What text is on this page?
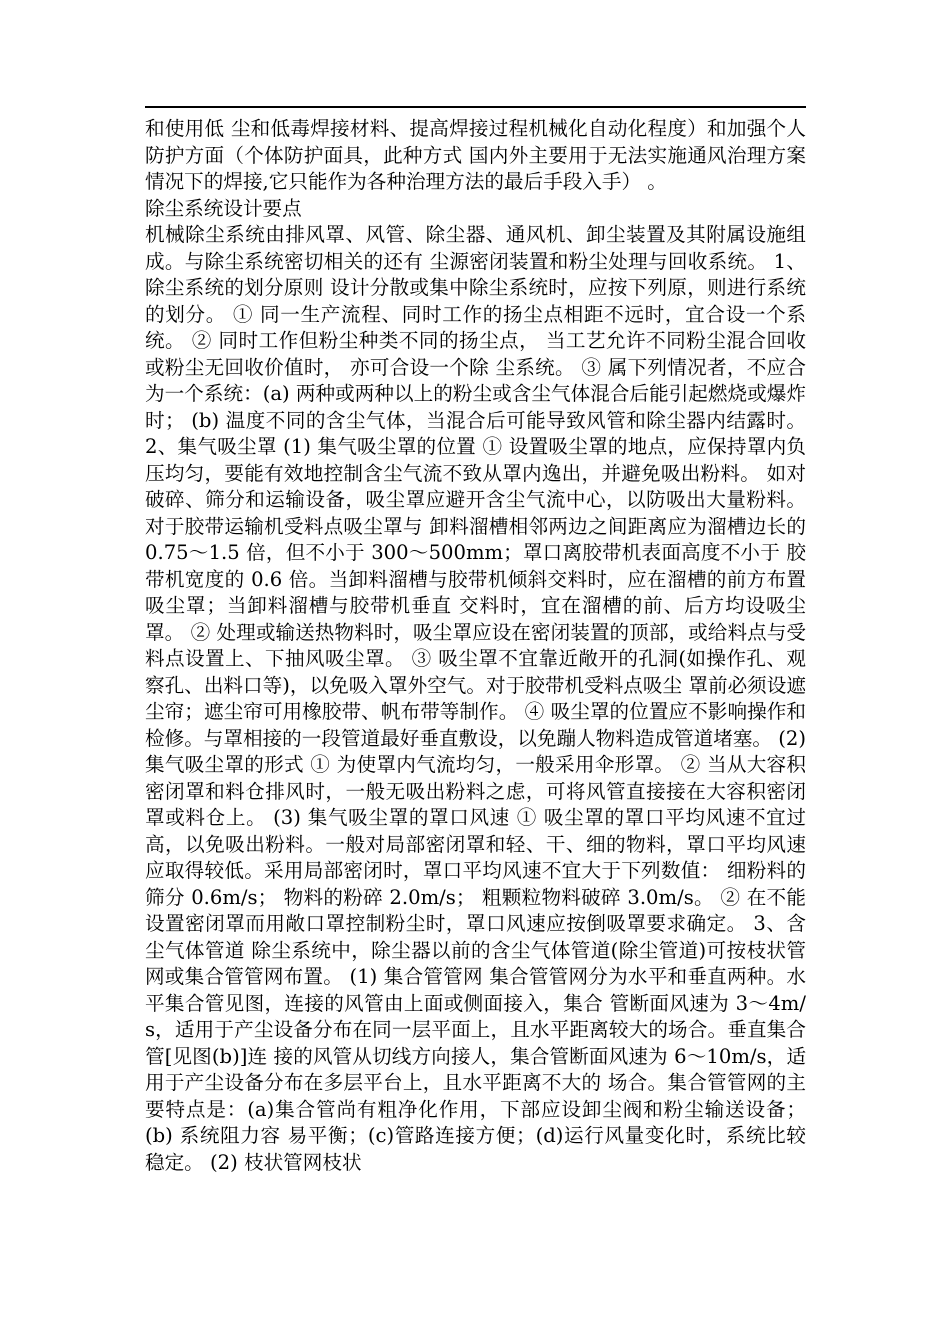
和使用低 尘和低毒焊接材料、提高焊接过程机械化自动化程度）和加强个人防护方面（个体防护面具，此种方式 国内外主要用于无法实施通风治理方案情况下的焊接,它只能作为各种治理方法的最后手段入手） 。

除尘系统设计要点

机械除尘系统由排风罩、风管、除尘器、通风机、卸尘装置及其附属设施组成。与除尘系统密切相关的还有 尘源密闭装置和粉尘处理与回收系统。 1、除尘系统的划分原则 设计分散或集中除尘系统时，应按下列原，则进行系统的划分。 ① 同一生产流程、同时工作的扬尘点相距不远时，宜合设一个系统。 ② 同时工作但粉尘种类不同的扬尘点， 当工艺允许不同粉尘混合回收或粉尘无回收价值时， 亦可合设一个除 尘系统。 ③ 属下列情况者，不应合为一个系统：(a) 两种或两种以上的粉尘或含尘气体混合后能引起燃烧或爆炸时； (b) 温度不同的含尘气体，当混合后可能导致风管和除尘器内结露时。 2、集气吸尘罩 (1) 集气吸尘罩的位置 ① 设置吸尘罩的地点，应保持罩内负压均匀，要能有效地控制含尘气流不致从罩内逸出，并避免吸出粉料。 如对破碎、筛分和运输设备，吸尘罩应避开含尘气流中心，以防吸出大量粉料。对于胶带运输机受料点吸尘罩与 卸料溜槽相邻两边之间距离应为溜槽边长的 0.75～1.5 倍，但不小于 300～500mm；罩口离胶带机表面高度不小于 胶带机宽度的 0.6 倍。当卸料溜槽与胶带机倾斜交料时，应在溜槽的前方布置吸尘罩；当卸料溜槽与胶带机垂直 交料时，宜在溜槽的前、后方均设吸尘罩。 ② 处理或输送热物料时，吸尘罩应设在密闭装置的顶部，或给料点与受料点设置上、下抽风吸尘罩。 ③ 吸尘罩不宜靠近敞开的孔洞(如操作孔、观察孔、出料口等)，以免吸入罩外空气。对于胶带机受料点吸尘 罩前必须设遮尘帘；遮尘帘可用橡胶带、帆布带等制作。 ④ 吸尘罩的位置应不影响操作和检修。与罩相接的一段管道最好垂直敷设，以免蹦人物料造成管道堵塞。 (2) 集气吸尘罩的形式 ① 为使罩内气流均匀，一般采用伞形罩。 ② 当从大容积密闭罩和料仓排风时，一般无吸出粉料之虑，可将风管直接接在大容积密闭罩或料仓上。 (3) 集气吸尘罩的罩口风速 ① 吸尘罩的罩口平均风速不宜过高，以免吸出粉料。一般对局部密闭罩和轻、干、细的物料，罩口平均风速 应取得较低。采用局部密闭时，罩口平均风速不宜大于下列数值： 细粉料的筛分 0.6m/s； 物料的粉碎 2.0m/s； 粗颗粒物料破碎 3.0m/s。 ② 在不能设置密闭罩而用敞口罩控制粉尘时，罩口风速应按倒吸罩要求确定。 3、含尘气体管道 除尘系统中，除尘器以前的含尘气体管道(除尘管道)可按枝状管网或集合管管网布置。 (1) 集合管管网 集合管管网分为水平和垂直两种。水平集合管见图，连接的风管由上面或侧面接入，集合 管断面风速为 3～4m/s，适用于产尘设备分布在同一层平面上，且水平距离较大的场合。垂直集合管[见图(b)]连 接的风管从切线方向接人，集合管断面风速为 6～10m/s，适用于产尘设备分布在多层平台上，且水平距离不大的 场合。集合管管网的主要特点是：(a)集合管尚有粗净化作用，下部应设卸尘阀和粉尘输送设备；(b) 系统阻力容 易平衡；(c)管路连接方便；(d)运行风量变化时，系统比较稳定。 (2) 枝状管网枝状
